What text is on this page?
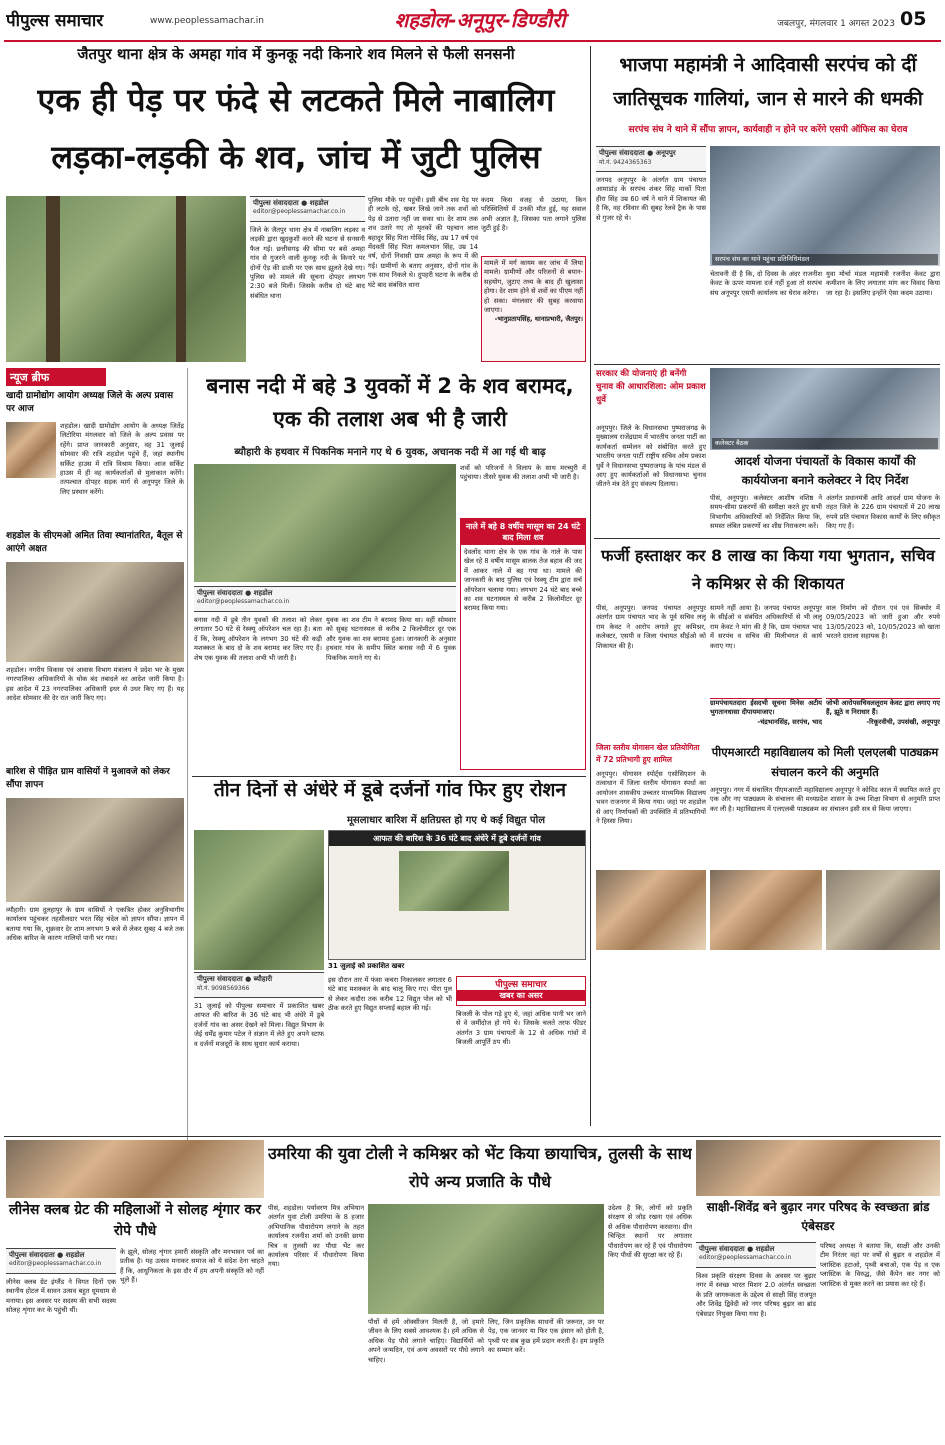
पीपुल्स समाचार	www.peoplessamachar.in	शहडोल-अनूपुर-डिण्डौरी	जबलपुर, मंगलवार 1 अगस्त 2023 05
जैतपुर थाना क्षेत्र के अमहा गांव में कुनकू नदी किनारे शव मिलने से फैली सनसनी
एक ही पेड़ पर फंदे से लटकते मिले नाबालिग लड़का-लड़की के शव, जांच में जुटी पुलिस
पीपुल्स संवाददाता ● शहडोल
editor@peoplessamachar.co.in
जिले के जैतपुर थाना क्षेत्र में नाबालिग लड़का व लड़की द्वारा खुदकुशी करने की घटना से सनसनी फैल गई। छत्तीसगढ़ की सीमा पर बसे अमहा गांव से गुजरने वाली कुनकू नदी के किनारे पर दोनों ऐड़ की डाली पर एक साथ झूलते देखे गए। पुलिस को मामले की सूचना दोपहर लगभग 2:30 बजे मिली। जिसके करीब दो घंटे बाद संबंधित थाना
पुलिस मौके पर पहुंची। इसी बीच शव पेड़ पर ही लटके रहे, खबर लिखे जाने तक शवों को पेड़ से उतारा नहीं जा सका था। देर शाम तक शव उतारे गए तो मृतकों की पहचान लाल बहादुर सिंह पिता गोविंद सिंह, उम्र 17 वर्ष एवं मेंदवती सिंह पिता कमलभान सिंह, उम्र 14 वर्ष, दोनों निवासी ग्राम अमहा के रूप में की गई। ग्रामीणों के बताए अनुसार, दोनों गांव के एक साथ निकले थे। दुपहरी घटना के करीब दो घंटे बाद संबंधित थाना
कदम किस वजह से उठाया, किन परिस्थितियों में उनकी मौत हुई, यह सवाल अभी अज्ञात है, जिसका पता लगाने पुलिस जुटी हुई है।
मामले में मर्ग कायम कर जांच में लिया मामले। ग्रामीणों और परिजनों से बयान-सहयोग, जुटाए तथ्य के बाद ही खुलासा होगा। देर शाम होने से शवों का पीएम नहीं हो सका। मंगलवार की सुबह करवाया जाएगा।
-भानुप्रतापसिंह, थानाप्रभारी, जैतपुर।
न्यूज ब्रीफ
खादी ग्रामोद्योग आयोग अध्यक्ष जिले के अल्प प्रवास पर आज
शहडोल। खादी ग्रामोद्योग आयोग के अध्यक्ष जितेंद्र लिटोरिया मंगलवार को जिले के अल्प प्रवास पर रहेंगे। प्राप्त जानकारी अनुसार, वह 31 जुलाई सोमवार की रात्रि शहडोल पहुंचे हैं, जहां स्थानीय सर्किट हाउस में रात्रि विश्राम किया। आज सर्किट हाउस में ही वह कार्यकर्ताओं से मुलाकात करेंगे। तत्पश्चात दोपहर सड़क मार्ग से अनूपपुर जिले के लिए प्रस्थान करेंगे।
शहडोल के सीएमओ अमित तिवा स्थानांतरित, बैतूल से आएंगे अक्षत
शहडोल। नगरीय विकास एवं आवास विभाग मंत्रालय ने प्रदेश भर के मुख्य नगरपालिका अधिकारियों के थोक बंद तबादले का आदेश जारी किया है। इस आदेश में 23 नगरपालिका अधिकारी इधर से उधर किए गए हैं। यह आदेश सोमवार की देर रात जारी किए गए।
बारिश से पीड़ित ग्राम वासियों ने मुआवजे को लेकर सौंपा ज्ञापन
व्यौहारी। ग्राम दुलहापुर के ग्राम वासियों ने एकत्रित होकर अनुविभागीय कार्यालय पहुंचकर तहसीलदार भरत सिंह चंदेल को ज्ञापन सौंपा। ज्ञापन में बताया गया कि, शुक्रवार देर शाम लगभग 9 बजे से लेकर सुबह 4 बजे तक अधिक बारिश के कारण नालियों पानी भर गया।
बनास नदी में बहे 3 युवकों में 2 के शव बरामद, एक की तलाश अब भी है जारी
ब्यौहारी के हथवार में पिकनिक मनाने गए थे 6 युवक, अचानक नदी में आ गई थी बाढ़
शवों को परिजनों ने विलाप के साथ मरच्युरी में पहुंचाया। तीसरे युवक की तलाश अभी भी जारी है।
नाले में बहे 8 वर्षीय मासूम का 24 घंटे बाद मिला शव
देवलोंद थाना क्षेत्र के एक गांव के नाले के पास खेल रहे 8 वर्षीय मासूम बालक तेज बहाव की जद में आकर नाले में बह गया था। मामले की जानकारी के बाद पुलिस एवं रेस्क्यू टीम द्वारा सर्च ऑपरेशन चलाया गया। लगभग 24 घंटे बाद बच्चे का शव घटनास्थल से करीब 2 किलोमीटर दूर बरामद किया गया।
पीपुल्स संवाददाता ● शहडोल
editor@peoplessamachar.co.in
बनास नदी में डूबे तीन युवकों की तलाश को लेकर लगातार 50 घंटे से रेस्क्यू ऑपरेशन चल रहा है। बता दें कि, रेस्क्यू ऑपरेशन के लगभग 30 घंटे की कड़ी मशक्कत के बाद दो के शव बरामद कर लिए गए हैं। शेष एक युवक की तलाश अभी भी जारी है।
युवक का शव टीम ने बरामद किया था। वहीं सोमवार को सुबह घटनास्थल से करीब 2 किलोमीटर दूर एक और युवक का शव बरामद हुआ। जानकारी के अनुसार हथवार गांव के समीप स्थित बनास नदी में 6 युवक पिकनिक मनाने गए थे।
तीन दिनों से अंधेरे में डूबे दर्जनों गांव फिर हुए रोशन
मूसलाधार बारिश में क्षतिग्रस्त हो गए थे कई विद्युत पोल
आफत की बारिश के 36 घंटे बाद अंधेरे में डूबे दर्जनों गांव
31 जुलाई को प्रकाशित खबर
पीपुल्स संवाददाता ● ब्यौहारी
मो.नं. 9098569366
31 जुलाई को पीपुल्स समाचार में प्रकाशित खबर आफत की बारिश के 36 घंटे बाद भी अंधेरे में डूबे दर्जनों गांव का असर देखने को मिला। विद्युत विभाग के जेई धर्मेंद्र कुमार पटेल ने संज्ञान में लेते हुए अपने स्टाफ व दर्जनों मजदूरों के साथ सुधार कार्य कराया।
इस दौरान तार में फंसा कचरा निकालकर लगातार 6 घंटे बाद मशक्कत के बाद चालू किए गए। पीरा पुल से लेकर कदौरा तक करीब 12 विद्युत पोल को भी ठीक करते हुए विद्युत सप्लाई बहाल की गई।
पीपुल्स समाचार
खबर का असर
बिजली के पोल गड़े हुए थे, जहां अधिक पानी भर जाने से वे जमींदोज हो गये थे। जिसके चलते तरफ फीडर अंतर्गत 3 ग्राम पंचायतों के 12 से अधिक गांवों में बिजली आपूर्ति ठप थी।
भाजपा महामंत्री ने आदिवासी सरपंच को दीं जातिसूचक गालियां, जान से मारने की धमकी
सरपंच संघ ने थाने में सौंपा ज्ञापन, कार्यवाही न होने पर करेंगे एसपी ऑफिस का घेराव
पीपुल्स संवाददाता ● अनूपपुर
मो.नं. 9424365363
जनपद अनूपपुर के अंतर्गत ग्राम पंचायत आमाडांड़ के सरपंच शंकर सिंह मार्को पिता हीरा सिंह उम्र 60 वर्ष ने थाने में शिकायत की है कि, वह रविवार की सुबह रेलवे ट्रैक के पास से गुजर रहे थे।
चेतावनी दी है कि, दो दिवस के अंदर राजनीश केवट के ऊपर मामला दर्ज नहीं हुआ तो सरपंच संघ अनूपपुर एसपी कार्यालय का घेराव करेगा।
युवा मोर्चा मंडल महामंत्री रजनीश केवट द्वारा कमीशन के लिए लगातार मांग कर विवाद किया जा रहा है। इसलिए इन्होंने ऐसा कदम उठाया।
सरकार की योजनाएं ही बनेंगी चुनाव की आधारशिला: ओम प्रकाश धुर्वे
अनूपपुर। जिले के विधानसभा पुष्पराजगढ़ के मुख्यालय राजेंद्रग्राम में भारतीय जनता पार्टी का कार्यकर्ता सम्मेलन को संबोधित करते हुए भारतीय जनता पार्टी राष्ट्रीय सचिव ओम प्रकाश धुर्वे ने विधानसभा पुष्पराजगढ़ के पांच मंडल से आए हुए कार्यकर्ताओं को विधानसभा चुनाव जीतने मंत्र देते हुए संकल्प दिलाया।
आदर्श योजना पंचायतों के विकास कार्यों की कार्ययोजना बनाने कलेक्टर ने दिए निर्देश
पीसं, अनूपपुर। कलेक्टर आशीष वशिष्ठ ने समय-सीमा प्रकरणों की समीक्षा करते हुए सभी विभागीय अधिकारियों को निर्देशित किया कि, समस्त लंबित प्रकरणों का शीघ्र निराकरण करें।
अंतर्गत प्रधानमंत्री आदि आदर्श ग्राम योजना के तहत जिले के 226 ग्राम पंचायतों में 20 लाख रुपये प्रति पंचायत विकास कार्यों के लिए स्वीकृत किए गए हैं।
फर्जी हस्ताक्षर कर 8 लाख का किया गया भुगतान, सचिव ने कमिश्नर से की शिकायत
पीसं, अनूपपुर। जनपद पंचायत अनूपपुर अंतर्गत ग्राम पंचायत भाद के पूर्व सचिव ललू राम केवट ने आरोप लगाते हुए कमिश्नर, कलेक्टर, एसपी व जिला पंचायत सीईओ को शिकायत की है।
सामने नहीं आया है। जनपद पंचायत अनूपपुर के सीईओ व संबंधित अधिकारियों से भी ललू राम केवट ने मांग की है कि, ग्राम पंचायत भाद में सरपंच व सचिव की मिलीभगत से कार्य कराए गए।
वाल निर्माण को दौरान एवं एवं सिक्योर में 09/05/2023 को जारी हुआ और रुपये 13/05/2023 को, 10/05/2023 को खाता भरतने दाराला सहायक है।
ग्रामपंचायतदारा ईसदभी सूचना मिनेस अटीय भुगतानधासा दीपायमाजाए।
-चंद्रभानसिंह, सरपंच, भाद
जोभी आरोपसचिवललूराम केवट द्वारा लगाए गए हैं, झूठे व निराधार हैं।
-रिकूरवीची, उपसंखी, अनूपपुर
जिला स्तरीय योगासन खेल प्रतियोगिता में 72 प्रतिभागी हुए शामिल
अनूपपुर। योगासन स्पोर्ट्स एसोसिएशन के तत्वाधान में जिला स्तरीय योगासन स्पर्धा का आयोजन शासकीय उच्चतर माध्यमिक विद्यालय भवन राजनगर में किया गया। जहां पर शहडोल से आए निर्णायकों की उपस्थिति में प्रतिभागियों ने हिस्सा लिया।
पीएमआरटी महाविद्यालय को मिली एलएलबी पाठ्यक्रम संचालन करने की अनुमति
अनूपपुर। नगर में संचालित पीएमआरटी महाविद्यालय अनूपपुर ने कोविड काल में स्थापित करते हुए एक और नए पाठ्यक्रम के संचालन की मध्यप्रदेश शासन के उच्च शिक्षा विभाग से अनुमति प्राप्त कर ली है। महाविद्यालय में एलएलबी पाठ्यक्रम का संचालन इसी सत्र से किया जाएगा।
लीनेस क्लब ग्रेट की महिलाओं ने सोलह शृंगार कर रोपे पौधे
पीपुल्स संवाददाता ● शहडोल
editor@peoplessamachar.co.in
लीनेस क्लब ग्रेट इंग्लैंड ने विगत दिनों एक स्थानीय होटल में सावन उत्सव बहुत धूमधाम से मनाया। इस अवसर पर सदस्य की सभी सदस्य सोलह शृंगार कर के पहुंची थीं।
के झूले, सोलह शृंगार हमारी संस्कृति और मनभावन पर्व का प्रतीक है। यह उत्सव मनाकर समाज को ये संदेश देना चाहते हैं कि, आधुनिकता के इस दौर में हम अपनी संस्कृति को नहीं भूले हैं।
उमरिया की युवा टोली ने कमिश्नर को भेंट किया छायाचित्र, तुलसी के साथ रोपे अन्य प्रजाति के पौधे
पीसं, शहडोल। पर्यावरण मित्र अभियान अंतर्गत युवा टोली उमरिया के 8 हजार अभियानिक पौधारोपण लगाने के तहत कार्यालय रजनीश शर्मा को उनकी छाया चित्र व तुलसी का पौधा भेंट कर कार्यालय परिसर में पौधारोपण किया गया।
पौधों से हमें ऑक्सीजन मिलती है, जो हमारे जीवन के लिए सबसे आवश्यक है। हमें अधिक से अधिक पेड़ पौधे लगाने चाहिए। विद्यार्थियों को अपने जन्मदिन, एवं अन्य अवसरों पर पौधे लगाने चाहिए।
लिए, जिन प्रकृतिक साधनों की जरूरत, उन पर पेड़, एक जानवर या फिर एक इंसान को होती है, पृथ्वी पर सब कुछ हमें प्रदान करती है। हम प्रकृति का सम्मान करें।
उदेश्य है कि, लोगों को प्रकृति संरक्षण से जोड़ रखना एवं अधिक से अधिक पौधारोपण करवाना। ग्रीन चिन्हित स्थानों पर लगातार पौधारोपण कर रहे हैं एवं पौधारोपण किए पौधों की सुरक्षा कर रहे हैं।
साक्षी-शिवेंद्र बने बुढ़ार नगर परिषद के स्वच्छता ब्रांड एंबेसडर
पीपुल्स संवाददाता ● शहडोल
editor@peoplessamachar.co.in
विश्व प्रकृति संरक्षण दिवस के अवसर पर बुढ़ार नगर में स्वच्छ भारत मिशन 2.0 अंतर्गत स्वच्छता के प्रति जागरूकता के उद्देश्य से साक्षी सिंह राजपूत और शिवेंद्र द्विवेदी को नगर परिषद बुढ़ार का ब्रांड एंबेसडर नियुक्त किया गया है।
परिषद अध्यक्ष ने बताया कि, साक्षी और उनकी टीम निरंतर वहां पर वर्षों से बुढ़ार व शहडोल में प्लास्टिक हटाओ, पृथ्वी बचाओ, एक पेड़ व एक प्लास्टिक के विरुद्ध, जैसे कैंपेन कर नगर को प्लास्टिक से मुक्त करने का प्रयास कर रहे हैं।
सरपंच संघ का थाने पहुंचा प्रतिनिधिमंडल
कलेक्टर बैठक
